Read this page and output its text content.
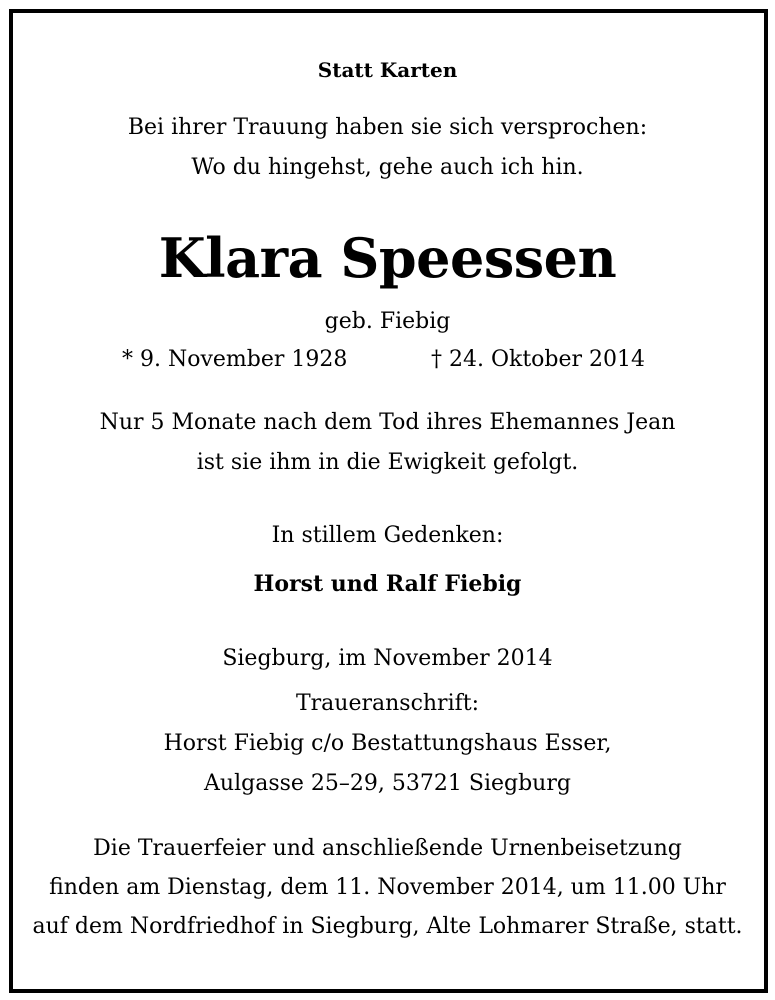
Statt Karten
Bei ihrer Trauung haben sie sich versprochen:
Wo du hingehst, gehe auch ich hin.
Klara Speessen
geb. Fiebig
* 9. November 1928	† 24. Oktober 2014
Nur 5 Monate nach dem Tod ihres Ehemannes Jean
ist sie ihm in die Ewigkeit gefolgt.
In stillem Gedenken:
Horst und Ralf Fiebig
Siegburg, im November 2014
Traueranschrift:
Horst Fiebig c/o Bestattungshaus Esser,
Aulgasse 25–29, 53721 Siegburg
Die Trauerfeier und anschließende Urnenbeisetzung
finden am Dienstag, dem 11. November 2014, um 11.00 Uhr
auf dem Nordfriedhof in Siegburg, Alte Lohmarer Straße, statt.
